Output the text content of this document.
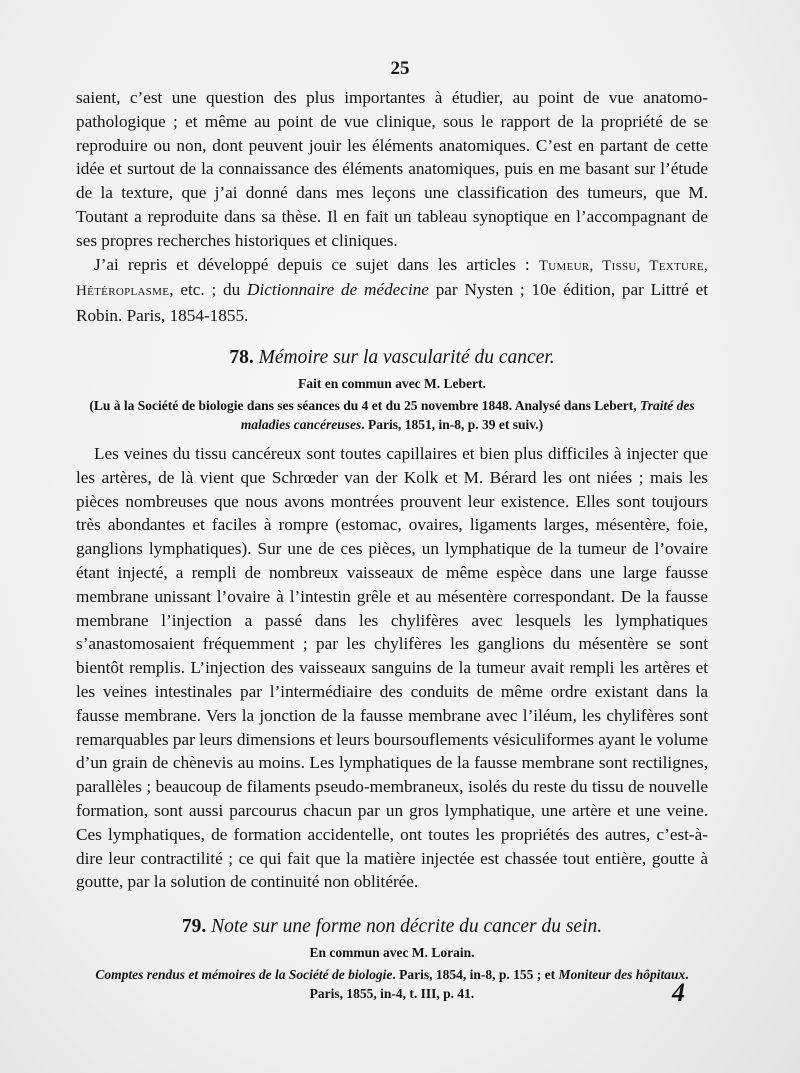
25

saient, c’est une question des plus importantes à étudier, au point de vue anatomo-pathologique ; et même au point de vue clinique, sous le rapport de la propriété de se reproduire ou non, dont peuvent jouir les éléments anatomiques. C’est en partant de cette idée et surtout de la connaissance des éléments anatomiques, puis en me basant sur l’étude de la texture, que j’ai donné dans mes leçons une classification des tumeurs, que M. Toutant a reproduite dans sa thèse. Il en fait un tableau synoptique en l’accompagnant de ses propres recherches historiques et cliniques.

J’ai repris et développé depuis ce sujet dans les articles : Tumeur, Tissu, Texture, Hétéroplasme, etc. ; du Dictionnaire de médecine par Nysten ; 10e édition, par Littré et Robin. Paris, 1854-1855.

78. Mémoire sur la vascularité du cancer.
Fait en commun avec M. Lebert.
(Lu à la Société de biologie dans ses séances du 4 et du 25 novembre 1848. Analysé dans Lebert, Traité des maladies cancéreuses. Paris, 1851, in-8, p. 39 et suiv.)

Les veines du tissu cancéreux sont toutes capillaires et bien plus difficiles à injecter que les artères, de là vient que Schrœder van der Kolk et M. Bérard les ont niées ; mais les pièces nombreuses que nous avons montrées prouvent leur existence. Elles sont toujours très abondantes et faciles à rompre (estomac, ovaires, ligaments larges, mésentère, foie, ganglions lymphatiques). Sur une de ces pièces, un lymphatique de la tumeur de l’ovaire étant injecté, a rempli de nombreux vaisseaux de même espèce dans une large fausse membrane unissant l’ovaire à l’intestin grêle et au mésentère correspondant. De la fausse membrane l’injection a passé dans les chylifères avec lesquels les lymphatiques s’anastomosaient fréquemment ; par les chylifères les ganglions du mésentère se sont bientôt remplis. L’injection des vaisseaux sanguins de la tumeur avait rempli les artères et les veines intestinales par l’intermédiaire des conduits de même ordre existant dans la fausse membrane. Vers la jonction de la fausse membrane avec l’iléum, les chylifères sont remarquables par leurs dimensions et leurs boursouflements vésiculiformes ayant le volume d’un grain de chènevis au moins. Les lymphatiques de la fausse membrane sont rectilignes, parallèles ; beaucoup de filaments pseudo-membraneux, isolés du reste du tissu de nouvelle formation, sont aussi parcourus chacun par un gros lymphatique, une artère et une veine. Ces lymphatiques, de formation accidentelle, ont toutes les propriétés des autres, c’est-à-dire leur contractilité ; ce qui fait que la matière injectée est chassée tout entière, goutte à goutte, par la solution de continuité non oblitérée.

79. Note sur une forme non décrite du cancer du sein.
En commun avec M. Lorain.
Comptes rendus et mémoires de la Société de biologie. Paris, 1854, in-8, p. 155 ; et Moniteur des hôpitaux.
Paris, 1855, in-4, t. III, p. 41.	4
